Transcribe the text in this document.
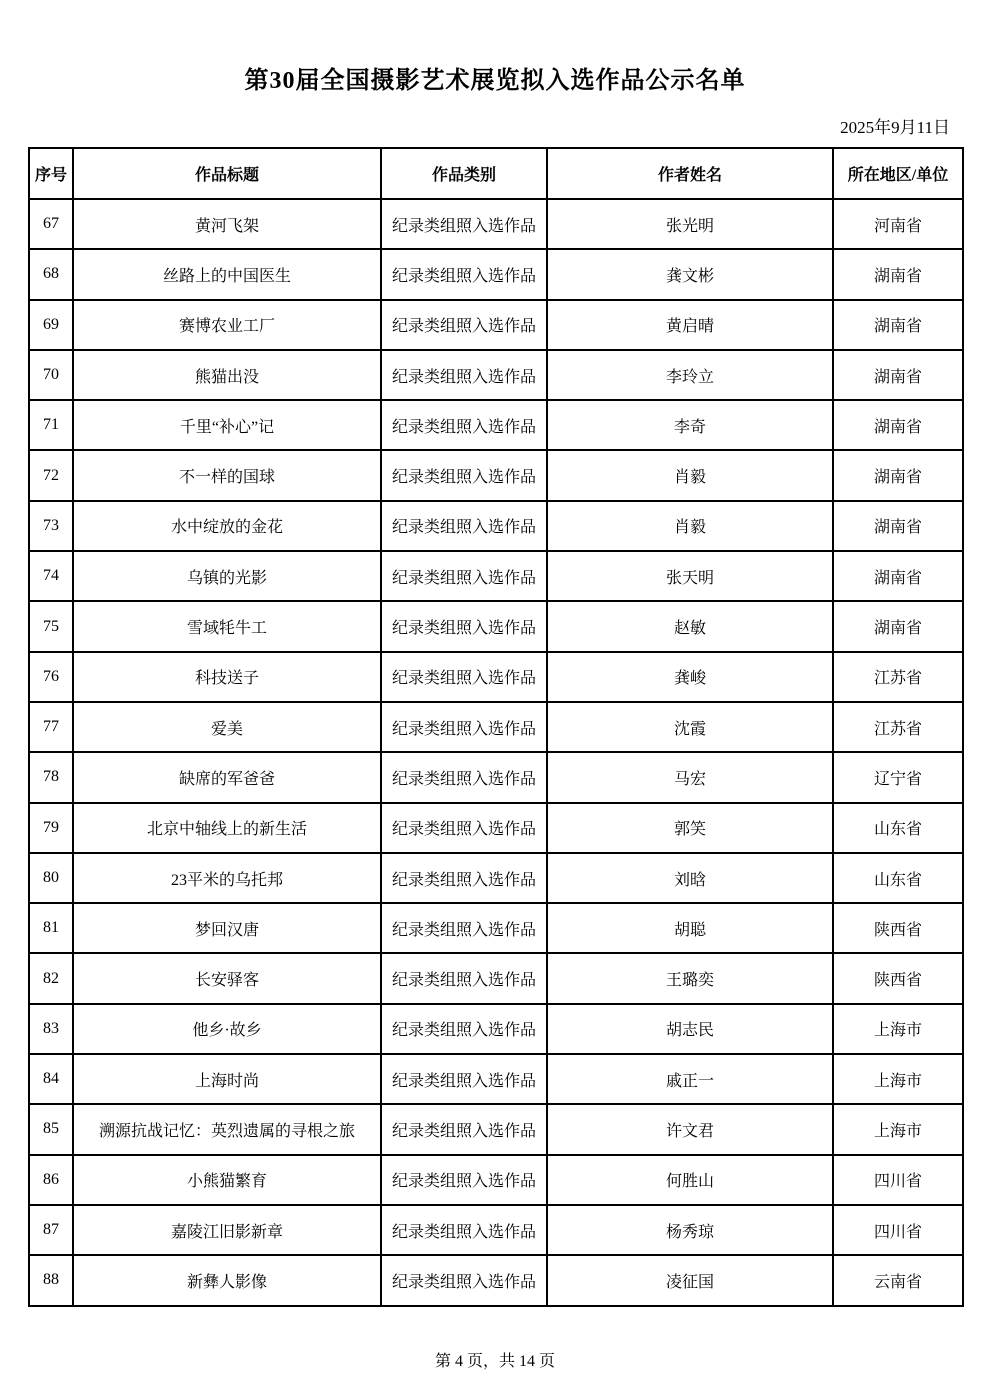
第30届全国摄影艺术展览拟入选作品公示名单
2025年9月11日
序号	作品标题	作品类别	作者姓名	所在地区/单位
67	黄河飞架	纪录类组照入选作品	张光明	河南省
68	丝路上的中国医生	纪录类组照入选作品	龚文彬	湖南省
69	赛博农业工厂	纪录类组照入选作品	黄启晴	湖南省
70	熊猫出没	纪录类组照入选作品	李玲立	湖南省
71	千里“补心”记	纪录类组照入选作品	李奇	湖南省
72	不一样的国球	纪录类组照入选作品	肖毅	湖南省
73	水中绽放的金花	纪录类组照入选作品	肖毅	湖南省
74	乌镇的光影	纪录类组照入选作品	张天明	湖南省
75	雪域牦牛工	纪录类组照入选作品	赵敏	湖南省
76	科技送子	纪录类组照入选作品	龚峻	江苏省
77	爱美	纪录类组照入选作品	沈霞	江苏省
78	缺席的军爸爸	纪录类组照入选作品	马宏	辽宁省
79	北京中轴线上的新生活	纪录类组照入选作品	郭笑	山东省
80	23平米的乌托邦	纪录类组照入选作品	刘晗	山东省
81	梦回汉唐	纪录类组照入选作品	胡聪	陕西省
82	长安驿客	纪录类组照入选作品	王璐奕	陕西省
83	他乡·故乡	纪录类组照入选作品	胡志民	上海市
84	上海时尚	纪录类组照入选作品	戚正一	上海市
85	溯源抗战记忆：英烈遗属的寻根之旅	纪录类组照入选作品	许文君	上海市
86	小熊猫繁育	纪录类组照入选作品	何胜山	四川省
87	嘉陵江旧影新章	纪录类组照入选作品	杨秀琼	四川省
88	新彝人影像	纪录类组照入选作品	凌征国	云南省
第 4 页，共 14 页
